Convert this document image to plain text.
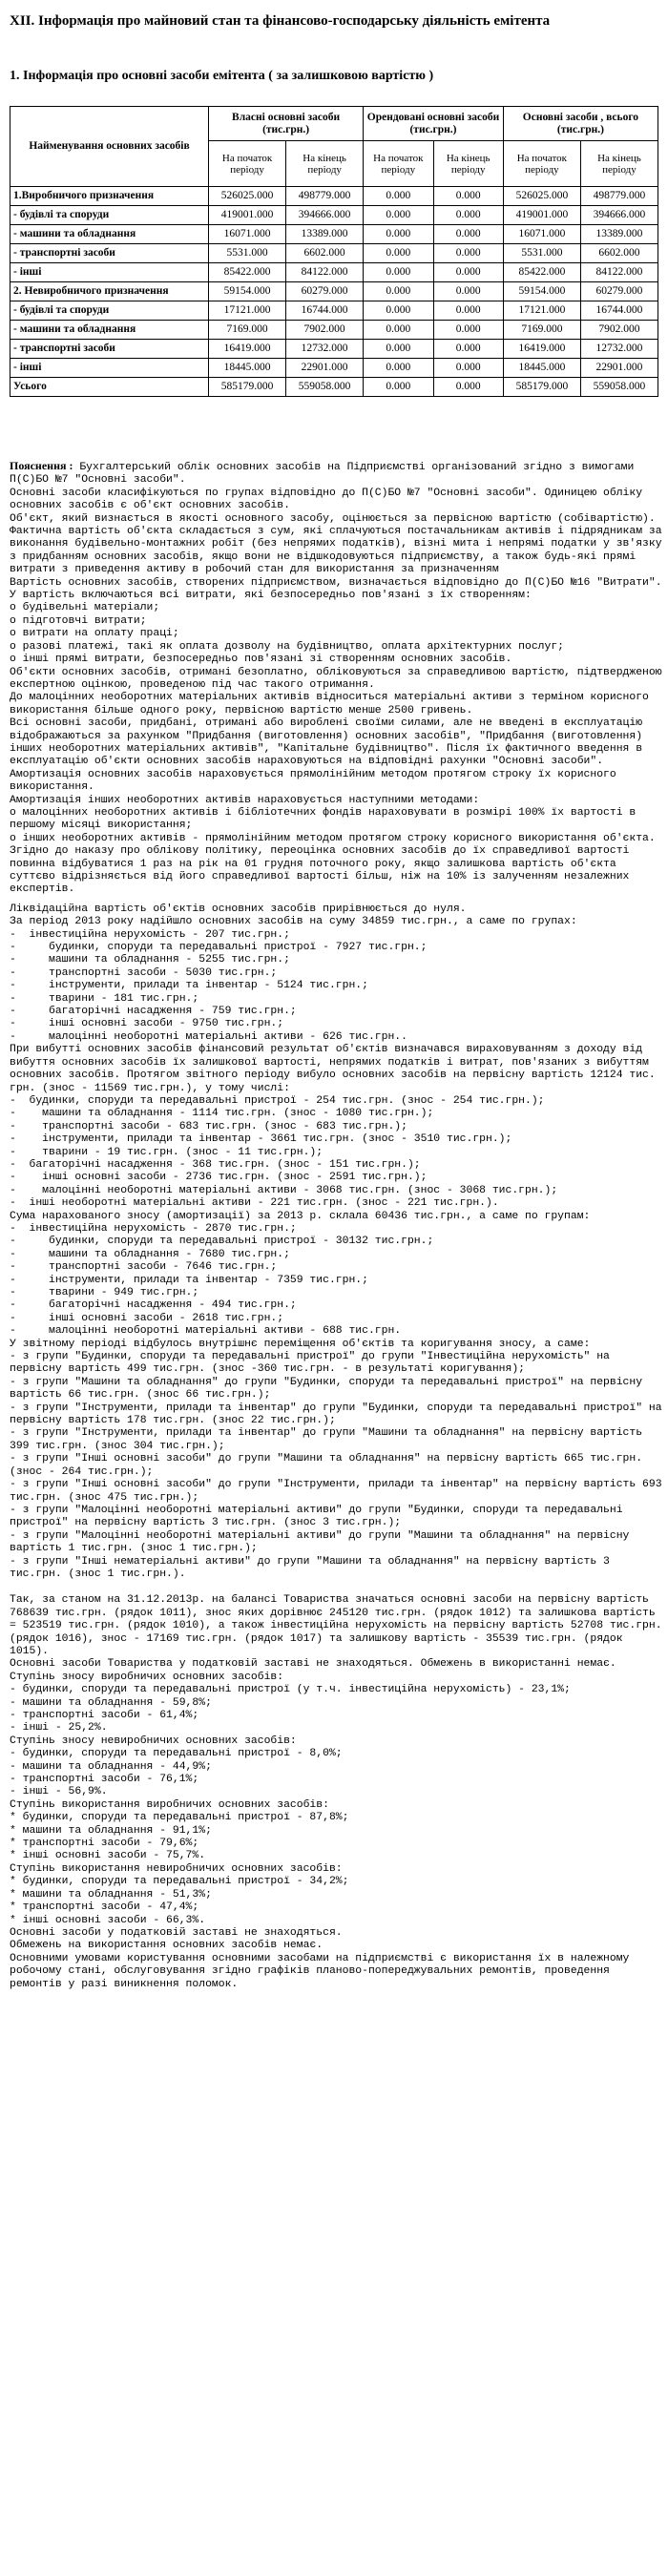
XII. Інформація про майновий стан та фінансово-господарську діяльність емітента
1. Інформація про основні засоби емітента ( за залишковою вартістю )
Найменування основних засобів	Власні основні засоби (тис.грн.)		Орендовані основні засоби (тис.грн.)		Основні засоби , всього (тис.грн.)	
	На початок періоду	На кінець періоду	На початок періоду	На кінець періоду	На початок періоду	На кінець періоду
1.Виробничого призначення	526025.000	498779.000	0.000	0.000	526025.000	498779.000
- будівлі та споруди	419001.000	394666.000	0.000	0.000	419001.000	394666.000
- машини та обладнання	16071.000	13389.000	0.000	0.000	16071.000	13389.000
- транспортні засоби	5531.000	6602.000	0.000	0.000	5531.000	6602.000
- інші	85422.000	84122.000	0.000	0.000	85422.000	84122.000
2. Невиробничого призначення	59154.000	60279.000	0.000	0.000	59154.000	60279.000
- будівлі та споруди	17121.000	16744.000	0.000	0.000	17121.000	16744.000
- машини та обладнання	7169.000	7902.000	0.000	0.000	7169.000	7902.000
- транспортні засоби	16419.000	12732.000	0.000	0.000	16419.000	12732.000
- інші	18445.000	22901.000	0.000	0.000	18445.000	22901.000
Усього	585179.000	559058.000	0.000	0.000	585179.000	559058.000
Пояснення : Бухгалтерський облік основних засобів на Підприємстві організований згідно з вимогами П(С)БО №7 "Основні засоби".
Основні засоби класифікуються по групах відповідно до П(С)БО №7 "Основні засоби". Одиницею обліку основних засобів є об'єкт основних засобів.
Об'єкт, який визнається в якості основного засобу, оцінюється за первісною вартістю (собівартістю). Фактична вартість об'єкта складається з сум, які сплачуються постачальникам активів і підрядникам за виконання будівельно-монтажних робіт (без непрямих податків), візні мита і непрямі податки у зв'язку з придбанням основних засобів, якщо вони не відшкодовуються підприємству, а також будь-які прямі витрати з приведення активу в робочий стан для використання за призначенням
Вартість основних засобів, створених підприємством, визначається відповідно до П(С)БО №16 "Витрати". У вартість включаються всі витрати, які безпосередньо пов'язані з їх створенням:
о будівельні матеріали;
о підготовчі витрати;
о витрати на оплату праці;
о разові платежі, такі як оплата дозволу на будівництво, оплата архітектурних послуг;
о інші прямі витрати, безпосередньо пов'язані зі створенням основних засобів.
Об'єкти основних засобів, отримані безоплатно, обліковуються за справедливою вартістю, підтвердженою експертною оцінкою, проведеною під час такого отримання.
До малоцінних необоротних матеріальних активів відноситься матеріальні активи з терміном корисного використання більше одного року, первісною вартістю менше 2500 гривень.
Всі основні засоби, придбані, отримані або вироблені своїми силами, але не введені в експлуатацію відображаються за рахунком "Придбання (виготовлення) основних засобів", "Придбання (виготовлення) інших необоротних матеріальних активів", "Капітальне будівництво". Після їх фактичного введення в експлуатацію об'єкти основних засобів нараховуються на відповідні рахунки "Основні засоби".
Амортизація основних засобів нараховується прямолінійним методом протягом строку їх корисного використання.
Амортизація інших необоротних активів нараховується наступними методами:
о малоцінних необоротних активів і бібліотечних фондів нараховувати в розмірі 100% їх вартості в першому місяці використання;
о інших необоротних активів - прямолінійним методом протягом строку корисного використання об'єкта.
Згідно до наказу про облікову політику, переоцінка основних засобів до їх справедливої вартості повинна відбуватися 1 раз на рік на 01 грудня поточного року, якщо залишкова вартість об'єкта суттєво відрізняється від його справедливої вартості більш, ніж на 10% із залученням незалежних експертів.
Ліквідаційна вартість об'єктів основних засобів прирівнюється до нуля.
За період 2013 року надійшло основних засобів на суму 34859 тис.грн., а саме по групах:
-  інвестиційна нерухомість - 207 тис.грн.;
-     будинки, споруди та передавальні пристрої - 7927 тис.грн.;
-     машини та обладнання - 5255 тис.грн.;
-     транспортні засоби - 5030 тис.грн.;
-     інструменти, прилади та інвентар - 5124 тис.грн.;
-     тварини - 181 тис.грн.;
-     багаторічні насадження - 759 тис.грн.;
-     інші основні засоби - 9750 тис.грн.;
-     малоцінні необоротні матеріальні активи - 626 тис.грн..
При вибутті основних засобів фінансовий результат об'єктів визначався вираховуванням з доходу від вибуття основних засобів їх залишкової вартості, непрямих податків і витрат, пов'язаних з вибуттям основних засобів. Протягом звітного періоду вибуло основних засобів на первісну вартість 12124 тис. грн. (знос - 11569 тис.грн.), у тому числі:
-  будинки, споруди та передавальні пристрої - 254 тис.грн. (знос - 254 тис.грн.);
-    машини та обладнання - 1114 тис.грн. (знос - 1080 тис.грн.);
-    транспортні засоби - 683 тис.грн. (знос - 683 тис.грн.);
-    інструменти, прилади та інвентар - 3661 тис.грн. (знос - 3510 тис.грн.);
-    тварини - 19 тис.грн. (знос - 11 тис.грн.);
-  багаторічні насадження - 368 тис.грн. (знос - 151 тис.грн.);
-    інші основні засоби - 2736 тис.грн. (знос - 2591 тис.грн.);
-    малоцінні необоротні матеріальні активи - 3068 тис.грн. (знос - 3068 тис.грн.);
-  інші необоротні матеріальні активи - 221 тис.грн. (знос - 221 тис.грн.).
Сума нарахованого зносу (амортизації) за 2013 р. склала 60436 тис.грн., а саме по групам:
-  інвестиційна нерухомість - 2870 тис.грн.;
-     будинки, споруди та передавальні пристрої - 30132 тис.грн.;
-     машини та обладнання - 7680 тис.грн.;
-     транспортні засоби - 7646 тис.грн.;
-     інструменти, прилади та інвентар - 7359 тис.грн.;
-     тварини - 949 тис.грн.;
-     багаторічні насадження - 494 тис.грн.;
-     інші основні засоби - 2618 тис.грн.;
-     малоцінні необоротні матеріальні активи - 688 тис.грн.
У звітному періоді відбулось внутрішнє переміщення об'єктів та коригування зносу, а саме:
- з групи "Будинки, споруди та передавальні пристрої" до групи "Інвестиційна нерухомість" на первісну вартість 499 тис.грн. (знос -360 тис.грн. - в результаті коригування);
- з групи "Машини та обладнання" до групи "Будинки, споруди та передавальні пристрої" на первісну вартість 66 тис.грн. (знос 66 тис.грн.);
- з групи "Інструменти, прилади та інвентар" до групи "Будинки, споруди та передавальні пристрої" на первісну вартість 178 тис.грн. (знос 22 тис.грн.);
- з групи "Інструменти, прилади та інвентар" до групи "Машини та обладнання" на первісну вартість 399 тис.грн. (знос 304 тис.грн.);
- з групи "Інші основні засоби" до групи "Машини та обладнання" на первісну вартість 665 тис.грн. (знос - 264 тис.грн.);
- з групи "Інші основні засоби" до групи "Інструменти, прилади та інвентар" на первісну вартість 693 тис.грн. (знос 475 тис.грн.);
- з групи "Малоцінні необоротні матеріальні активи" до групи "Будинки, споруди та передавальні пристрої" на первісну вартість 3 тис.грн. (знос 3 тис.грн.);
- з групи "Малоцінні необоротні матеріальні активи" до групи "Машини та обладнання" на первісну вартість 1 тис.грн. (знос 1 тис.грн.);
- з групи "Інші нематеріальні активи" до групи "Машини та обладнання" на первісну вартість 3 тис.грн. (знос 1 тис.грн.).
Так, за станом на 31.12.2013р. на балансі Товариства значаться основні засоби на первісну вартість 768639 тис.грн. (рядок 1011), знос яких дорівнює 245120 тис.грн. (рядок 1012) та залишкова вартість = 523519 тис.грн. (рядок 1010), а також інвестиційна нерухомість на первісну вартість 52708 тис.грн. (рядок 1016), знос - 17169 тис.грн. (рядок 1017) та залишкову вартість - 35539 тис.грн. (рядок 1015).
Основні засоби Товариства у податковій заставі не знаходяться. Обмежень в використанні немає.
Ступінь зносу виробничих основних засобів:
- будинки, споруди та передавальні пристрої (у т.ч. інвестиційна нерухомість) - 23,1%;
- машини та обладнання - 59,8%;
- транспортні засоби - 61,4%;
- інші - 25,2%.
Ступінь зносу невиробничих основних засобів:
- будинки, споруди та передавальні пристрої - 8,0%;
- машини та обладнання - 44,9%;
- транспортні засоби - 76,1%;
- інші - 56,9%.
Ступінь використання виробничих основних засобів:
* будинки, споруди та передавальні пристрої - 87,8%;
* машини та обладнання - 91,1%;
* транспортні засоби - 79,6%;
* інші основні засоби - 75,7%.
Ступінь використання невиробничих основних засобів:
* будинки, споруди та передавальні пристрої - 34,2%;
* машини та обладнання - 51,3%;
* транспортні засоби - 47,4%;
* інші основні засоби - 66,3%.
Основні засоби у податковій заставі не знаходяться.
Обмежень на використання основних засобів немає.
Основними умовами користування основними засобами на підприємстві є використання їх в належному робочому стані, обслуговування згідно графіків планово-попереджувальних ремонтів, проведення ремонтів у разі виникнення поломок.
